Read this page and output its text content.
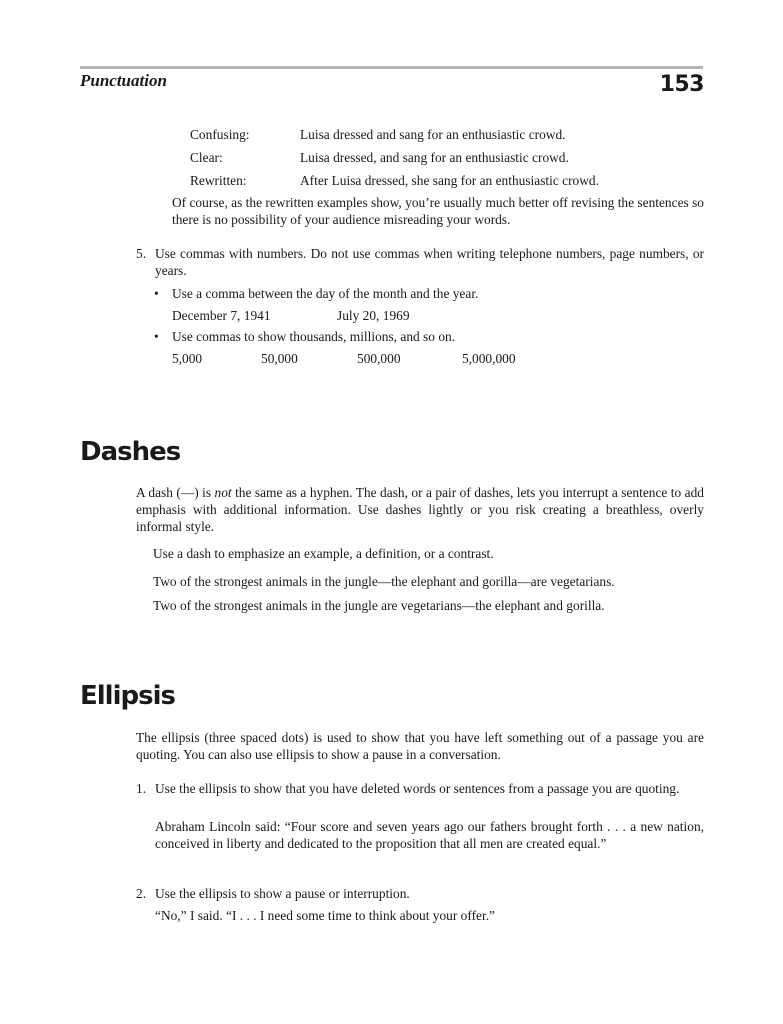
Punctuation	153
Confusing:	Luisa dressed and sang for an enthusiastic crowd.
Clear:	Luisa dressed, and sang for an enthusiastic crowd.
Rewritten:	After Luisa dressed, she sang for an enthusiastic crowd.

Of course, as the rewritten examples show, you’re usually much better off revising the sentences so there is no possibility of your audience misreading your words.

5. Use commas with numbers. Do not use commas when writing telephone numbers, page numbers, or years.

• Use a comma between the day of the month and the year.
December 7, 1941	July 20, 1969
• Use commas to show thousands, millions, and so on.
5,000	50,000	500,000	5,000,000
Dashes

A dash (—) is not the same as a hyphen. The dash, or a pair of dashes, lets you interrupt a sentence to add emphasis with additional information. Use dashes lightly or you risk creating a breathless, overly informal style.

Use a dash to emphasize an example, a definition, or a contrast.
Two of the strongest animals in the jungle—the elephant and gorilla—are vegetarians.
Two of the strongest animals in the jungle are vegetarians—the elephant and gorilla.
Ellipsis

The ellipsis (three spaced dots) is used to show that you have left something out of a passage you are quoting. You can also use ellipsis to show a pause in a conversation.

1. Use the ellipsis to show that you have deleted words or sentences from a passage you are quoting.

Abraham Lincoln said: “Four score and seven years ago our fathers brought forth . . . a new nation, conceived in liberty and dedicated to the proposition that all men are created equal.”

2. Use the ellipsis to show a pause or interruption.
“No,” I said. “I . . . I need some time to think about your offer.”
